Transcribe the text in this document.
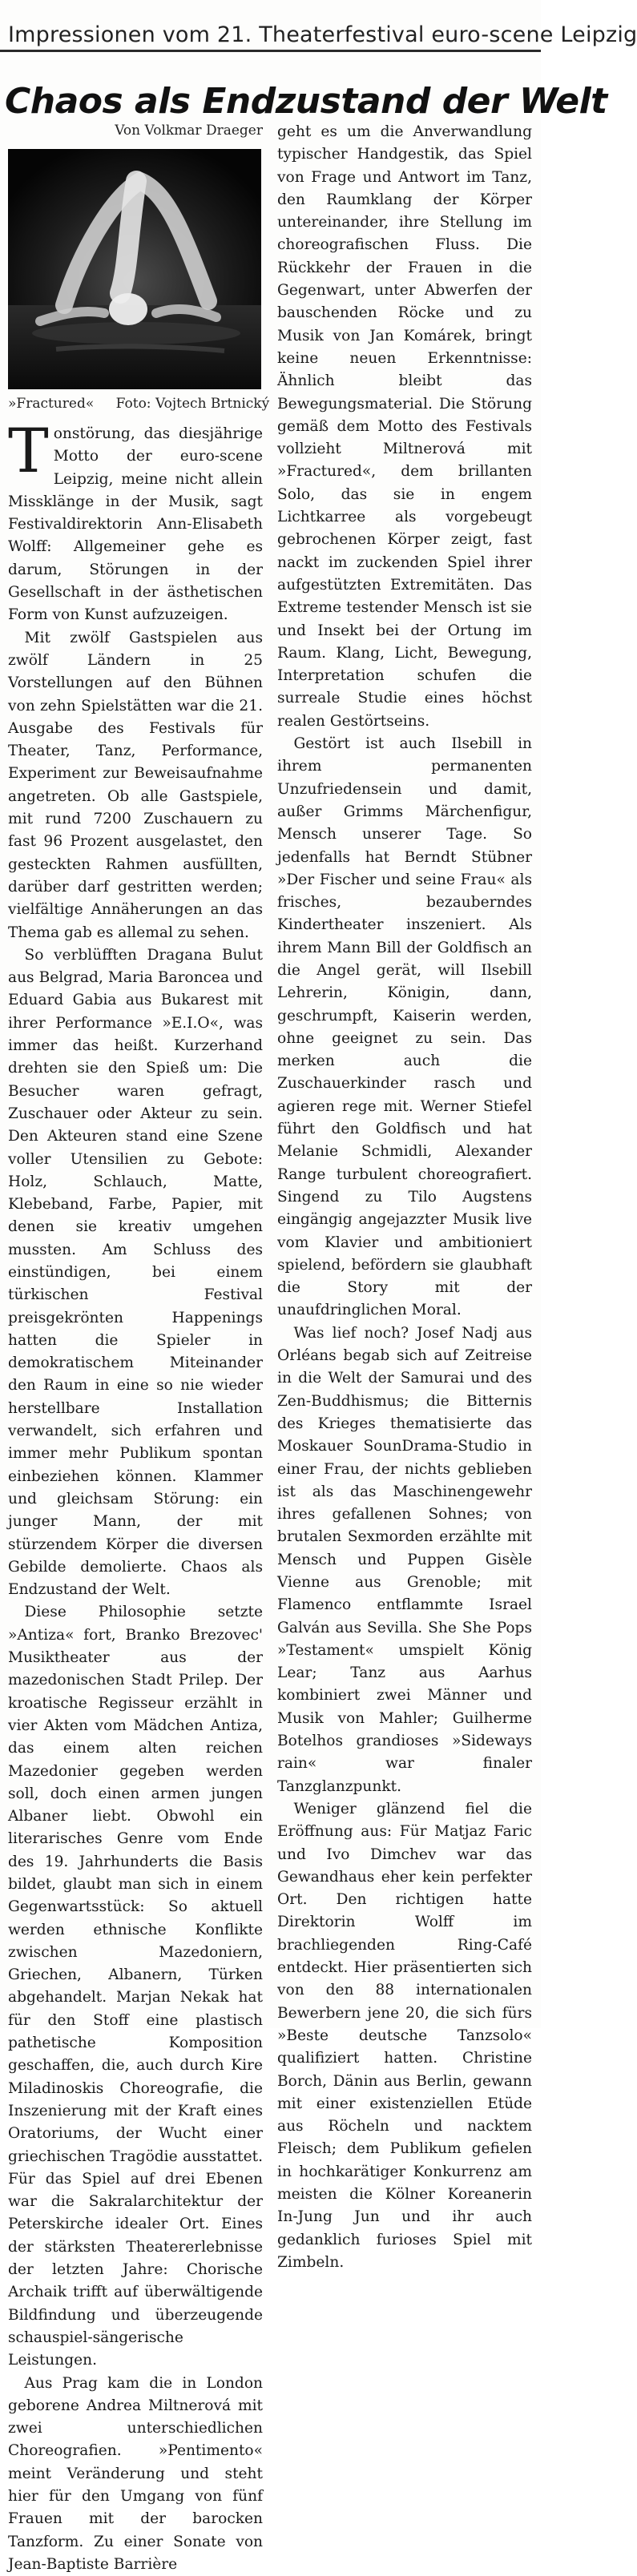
Impressionen vom 21. Theaterfestival euro-scene Leipzig
Chaos als Endzustand der Welt
Von Volkmar Draeger
»Fractured« Foto: Vojtech Brtnický

Tonstörung, das diesjährige Motto der euro-scene Leipzig, meine nicht allein Missklänge in der Musik, sagt Festivaldirektorin Ann-Elisabeth Wolff: Allgemeiner gehe es darum, Störungen in der Gesellschaft in der ästhetischen Form von Kunst aufzuzeigen.

Mit zwölf Gastspielen aus zwölf Ländern in 25 Vorstellungen auf den Bühnen von zehn Spielstätten war die 21. Ausgabe des Festivals für Theater, Tanz, Performance, Experiment zur Beweisaufnahme angetreten. Ob alle Gastspiele, mit rund 7200 Zuschauern zu fast 96 Prozent ausgelastet, den gesteckten Rahmen ausfüllten, darüber darf gestritten werden; vielfältige Annäherungen an das Thema gab es allemal zu sehen.

So verblüfften Dragana Bulut aus Belgrad, Maria Baroncea und Eduard Gabia aus Bukarest mit ihrer Performance »E.I.O«, was immer das heißt. Kurzerhand drehten sie den Spieß um: Die Besucher waren gefragt, Zuschauer oder Akteur zu sein. Den Akteuren stand eine Szene voller Utensilien zu Gebote: Holz, Schlauch, Matte, Klebeband, Farbe, Papier, mit denen sie kreativ umgehen mussten. Am Schluss des einstündigen, bei einem türkischen Festival preisgekrönten Happenings hatten die Spieler in demokratischem Miteinander den Raum in eine so nie wieder herstellbare Installation verwandelt, sich erfahren und immer mehr Publikum spontan einbeziehen können. Klammer und gleichsam Störung: ein junger Mann, der mit stürzendem Körper die diversen Gebilde demolierte. Chaos als Endzustand der Welt.

Diese Philosophie setzte »Antiza« fort, Branko Brezovec' Musiktheater aus der mazedonischen Stadt Prilep. Der kroatische Regisseur erzählt in vier Akten vom Mädchen Antiza, das einem alten reichen Mazedonier gegeben werden soll, doch einen armen jungen Albaner liebt. Obwohl ein literarisches Genre vom Ende des 19. Jahrhunderts die Basis bildet, glaubt man sich in einem Gegenwartsstück: So aktuell werden ethnische Konflikte zwischen Mazedoniern, Griechen, Albanern, Türken abgehandelt. Marjan Nekak hat für den Stoff eine plastisch pathetische Komposition geschaffen, die, auch durch Kire Miladinoskis Choreografie, die Inszenierung mit der Kraft eines Oratoriums, der Wucht einer griechischen Tragödie ausstattet. Für das Spiel auf drei Ebenen war die Sakralarchitektur der Peterskirche idealer Ort. Eines der stärksten Theatererlebnisse der letzten Jahre: Chorische Archaik trifft auf überwältigende Bildfindung und überzeugende schauspiel-sängerische Leistungen.

Aus Prag kam die in London geborene Andrea Miltnerová mit zwei unterschiedlichen Choreografien. »Pentimento« meint Veränderung und steht hier für den Umgang von fünf Frauen mit der barocken Tanzform. Zu einer Sonate von Jean-Baptiste Barrière

geht es um die Anverwandlung typischer Handgestik, das Spiel von Frage und Antwort im Tanz, den Raumklang der Körper untereinander, ihre Stellung im choreografischen Fluss. Die Rückkehr der Frauen in die Gegenwart, unter Abwerfen der bauschenden Röcke und zu Musik von Jan Komárek, bringt keine neuen Erkenntnisse: Ähnlich bleibt das Bewegungsmaterial. Die Störung gemäß dem Motto des Festivals vollzieht Miltnerová mit »Fractured«, dem brillanten Solo, das sie in engem Lichtkarree als vorgebeugt gebrochenen Körper zeigt, fast nackt im zuckenden Spiel ihrer aufgestützten Extremitäten. Das Extreme testender Mensch ist sie und Insekt bei der Ortung im Raum. Klang, Licht, Bewegung, Interpretation schufen die surreale Studie eines höchst realen Gestörtseins.

Gestört ist auch Ilsebill in ihrem permanenten Unzufriedensein und damit, außer Grimms Märchenfigur, Mensch unserer Tage. So jedenfalls hat Berndt Stübner »Der Fischer und seine Frau« als frisches, bezauberndes Kindertheater inszeniert. Als ihrem Mann Bill der Goldfisch an die Angel gerät, will Ilsebill Lehrerin, Königin, dann, geschrumpft, Kaiserin werden, ohne geeignet zu sein. Das merken auch die Zuschauerkinder rasch und agieren rege mit. Werner Stiefel führt den Goldfisch und hat Melanie Schmidli, Alexander Range turbulent choreografiert. Singend zu Tilo Augstens eingängig angejazzter Musik live vom Klavier und ambitioniert spielend, befördern sie glaubhaft die Story mit der unaufdringlichen Moral.

Was lief noch? Josef Nadj aus Orléans begab sich auf Zeitreise in die Welt der Samurai und des Zen-Buddhismus; die Bitternis des Krieges thematisierte das Moskauer SounDrama-Studio in einer Frau, der nichts geblieben ist als das Maschinengewehr ihres gefallenen Sohnes; von brutalen Sexmorden erzählte mit Mensch und Puppen Gisèle Vienne aus Grenoble; mit Flamenco entflammte Israel Galván aus Sevilla. She She Pops »Testament« umspielt König Lear; Tanz aus Aarhus kombiniert zwei Männer und Musik von Mahler; Guilherme Botelhos grandioses »Sideways rain« war finaler Tanzglanzpunkt.

Weniger glänzend fiel die Eröffnung aus: Für Matjaz Faric und Ivo Dimchev war das Gewandhaus eher kein perfekter Ort. Den richtigen hatte Direktorin Wolff im brachliegenden Ring-Café entdeckt. Hier präsentierten sich von den 88 internationalen Bewerbern jene 20, die sich fürs »Beste deutsche Tanzsolo« qualifiziert hatten. Christine Borch, Dänin aus Berlin, gewann mit einer existenziellen Etüde aus Röcheln und nacktem Fleisch; dem Publikum gefielen in hochkarätiger Konkurrenz am meisten die Kölner Koreanerin In-Jung Jun und ihr auch gedanklich furioses Spiel mit Zimbeln.
